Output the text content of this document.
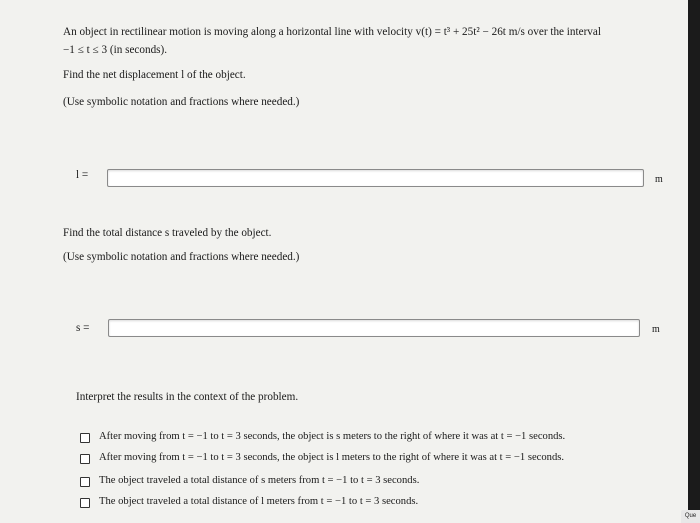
An object in rectilinear motion is moving along a horizontal line with velocity v(t) = t³ + 25t² − 26t m/s over the interval
−1 ≤ t ≤ 3 (in seconds).
Find the net displacement l of the object.
(Use symbolic notation and fractions where needed.)
l =	m
Find the total distance s traveled by the object.
(Use symbolic notation and fractions where needed.)
s =	m
Interpret the results in the context of the problem.
After moving from t = −1 to t = 3 seconds, the object is s meters to the right of where it was at t = −1 seconds.
After moving from t = −1 to t = 3 seconds, the object is l meters to the right of where it was at t = −1 seconds.
The object traveled a total distance of s meters from t = −1 to t = 3 seconds.
The object traveled a total distance of l meters from t = −1 to t = 3 seconds.
Que
